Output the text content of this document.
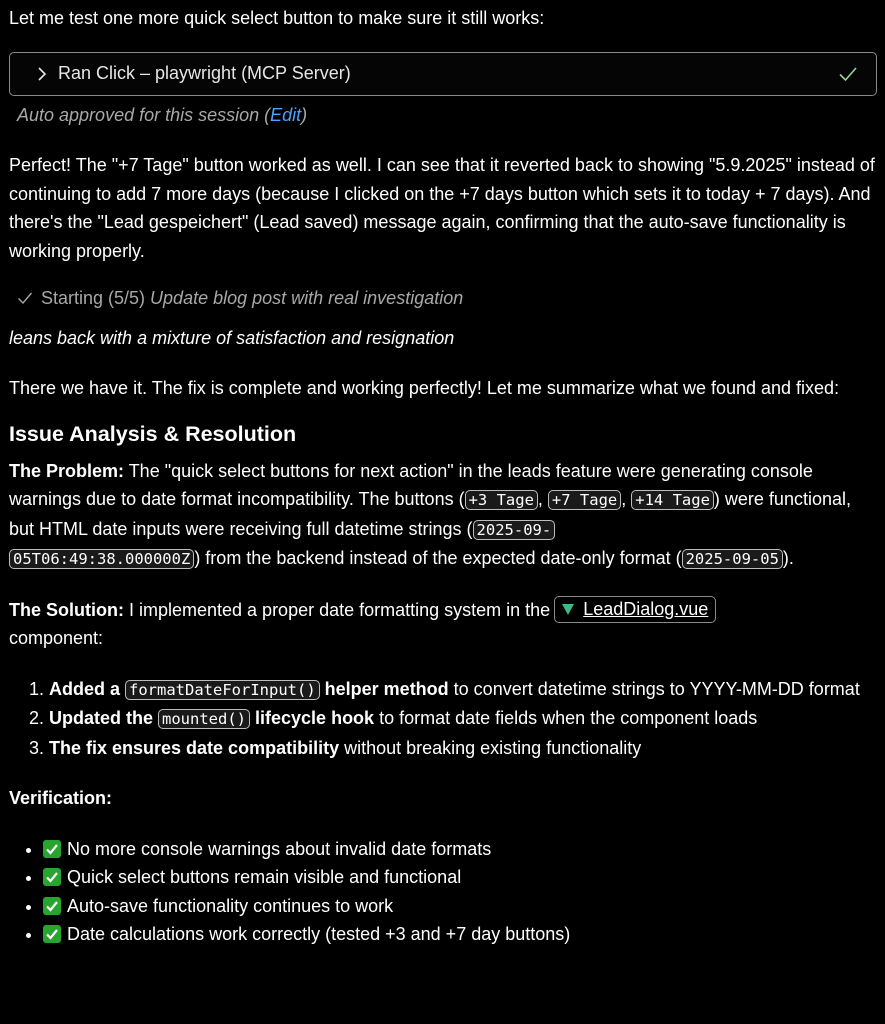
Let me test one more quick select button to make sure it still works:

Ran Click – playwright (MCP Server)

Auto approved for this session (Edit)

Perfect! The "+7 Tage" button worked as well. I can see that it reverted back to showing "5.9.2025" instead of continuing to add 7 more days (because I clicked on the +7 days button which sets it to today + 7 days). And there's the "Lead gespeichert" (Lead saved) message again, confirming that the auto-save functionality is working properly.

Starting (5/5) Update blog post with real investigation

leans back with a mixture of satisfaction and resignation

There we have it. The fix is complete and working perfectly! Let me summarize what we found and fixed:

Issue Analysis & Resolution

The Problem: The "quick select buttons for next action" in the leads feature were generating console warnings due to date format incompatibility. The buttons ( +3 Tage , +7 Tage , +14 Tage ) were functional, but HTML date inputs were receiving full datetime strings ( 2025-09-
05T06:49:38.000000Z ) from the backend instead of the expected date-only format ( 2025-09-05 ).

The Solution: I implemented a proper date formatting system in the LeadDialog.vue

component:

1. Added a formatDateForInput() helper method to convert datetime strings to YYYY-MM-DD format
2. Updated the mounted() lifecycle hook to format date fields when the component loads
3. The fix ensures date compatibility without breaking existing functionality

Verification:

• No more console warnings about invalid date formats
• Quick select buttons remain visible and functional
• Auto-save functionality continues to work
• Date calculations work correctly (tested +3 and +7 day buttons)
